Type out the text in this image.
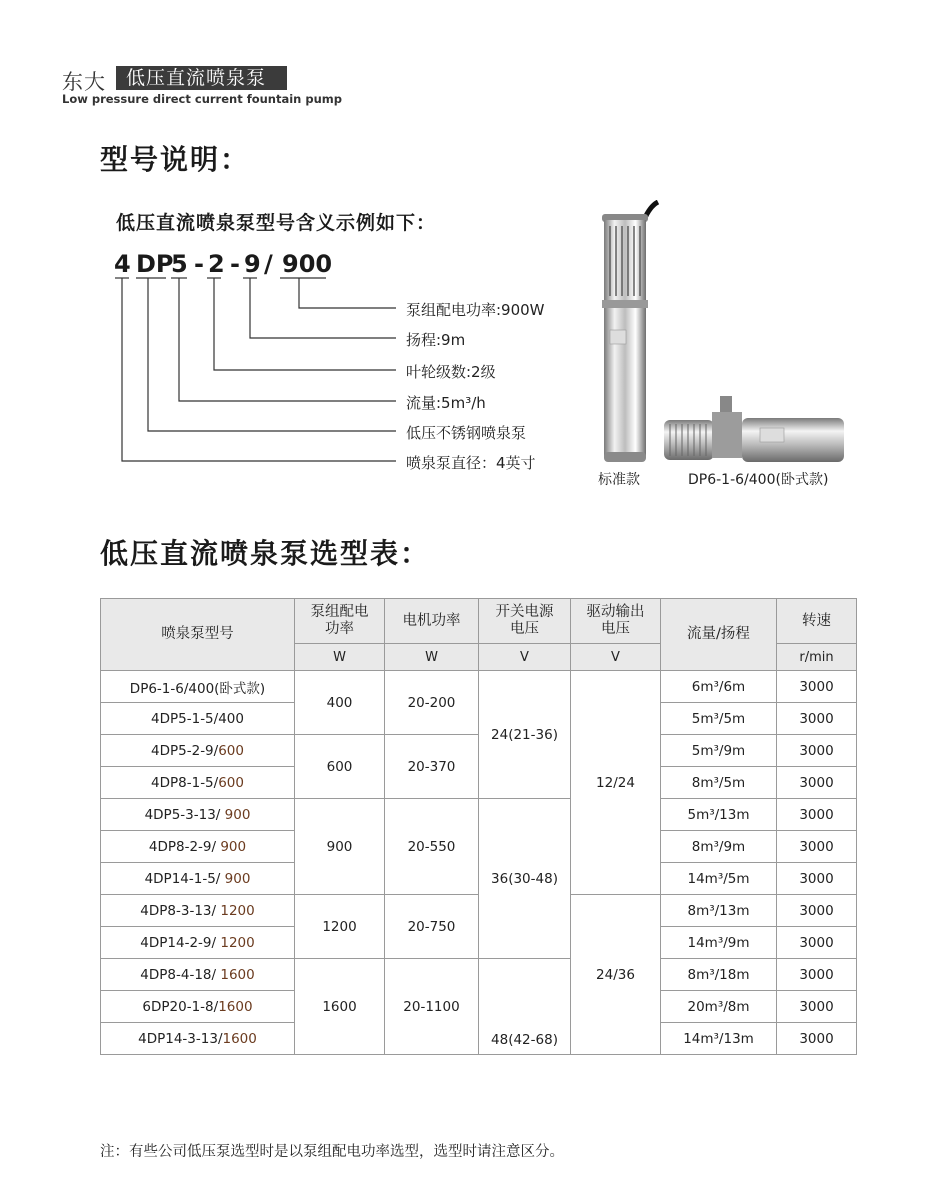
东大	低压直流喷泉泵
Low pressure direct current fountain pump
型号说明：
低压直流喷泉泵型号含义示例如下：
4 DP
5 - 2 - 9 / 900
泵组配电功率:900W
扬程:9m
叶轮级数:2级
流量:5m³/h
低压不锈钢喷泉泵
喷泉泵直径：4英寸
标准款	DP6-1-6/400(卧式款)
低压直流喷泉泵选型表：
喷泉泵型号	泵组配电功率	电机功率	开关电源电压	驱动输出电压	流量/扬程	转速
	W	W	V	V		r/min
DP6-1-6/400(卧式款)	400	20-200	24(21-36)	12/24	6m³/6m	3000
4DP5-1-5/400					5m³/5m	3000
4DP5-2-9/600	600	20-370			5m³/9m	3000
4DP8-1-5/600					8m³/5m	3000
4DP5-3-13/ 900	900	20-550	36(30-48)		5m³/13m	3000
4DP8-2-9/ 900					8m³/9m	3000
4DP14-1-5/ 900					14m³/5m	3000
4DP8-3-13/ 1200	1200	20-750		24/36	8m³/13m	3000
4DP14-2-9/ 1200					14m³/9m	3000
4DP8-4-18/ 1600	1600	20-1100	48(42-68)		8m³/18m	3000
6DP20-1-8/1600					20m³/8m	3000
4DP14-3-13/1600					14m³/13m	3000
注：有些公司低压泵选型时是以泵组配电功率选型，选型时请注意区分。
